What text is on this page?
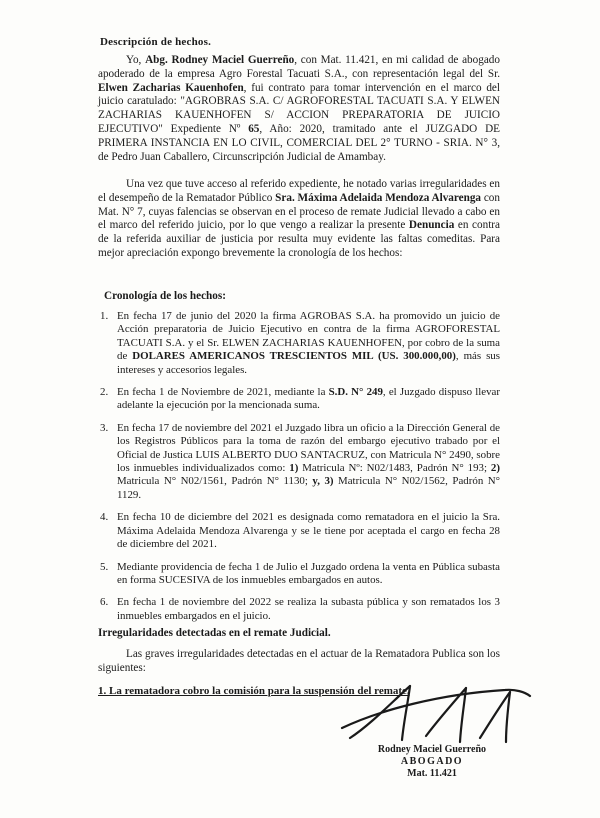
Descripción de hechos.

Yo, Abg. Rodney Maciel Guerreño, con Mat. 11.421, en mi calidad de abogado apoderado de la empresa Agro Forestal Tacuati S.A., con representación legal del Sr. Elwen Zacharias Kauenhofen, fui contrato para tomar intervención en el marco del juicio caratulado: "AGROBRAS S.A. C/ AGROFORESTAL TACUATI S.A. Y ELWEN ZACHARIAS KAUENHOFEN S/ ACCION PREPARATORIA DE JUICIO EJECUTIVO" Expediente Nº 65, Año: 2020, tramitado ante el JUZGADO DE PRIMERA INSTANCIA EN LO CIVIL, COMERCIAL DEL 2° TURNO - SRIA. N° 3, de Pedro Juan Caballero, Circunscripción Judicial de Amambay.

Una vez que tuve acceso al referido expediente, he notado varias irregularidades en el desempeño de la Rematador Público Sra. Máxima Adelaida Mendoza Alvarenga con Mat. N° 7, cuyas falencias se observan en el proceso de remate Judicial llevado a cabo en el marco del referido juicio, por lo que vengo a realizar la presente Denuncia en contra de la referida auxiliar de justicia por resulta muy evidente las faltas comeditas. Para mejor apreciación expongo brevemente la cronología de los hechos:

Cronología de los hechos:

1. En fecha 17 de junio del 2020 la firma AGROBAS S.A. ha promovido un juicio de Acción preparatoria de Juicio Ejecutivo en contra de la firma AGROFORESTAL TACUATI S.A. y el Sr. ELWEN ZACHARIAS KAUENHOFEN, por cobro de la suma de DOLARES AMERICANOS TRESCIENTOS MIL (US. 300.000,00), más sus intereses y accesorios legales.
2. En fecha 1 de Noviembre de 2021, mediante la S.D. N° 249, el Juzgado dispuso llevar adelante la ejecución por la mencionada suma.
3. En fecha 17 de noviembre del 2021 el Juzgado libra un oficio a la Dirección General de los Registros Públicos para la toma de razón del embargo ejecutivo trabado por el Oficial de Justica LUIS ALBERTO DUO SANTACRUZ, con Matricula N° 2490, sobre los inmuebles individualizados como: 1) Matricula Nº: N02/1483, Padrón N° 193; 2) Matricula N° N02/1561, Padrón N° 1130; y, 3) Matricula N° N02/1562, Padrón N° 1129.
4. En fecha 10 de diciembre del 2021 es designada como rematadora en el juicio la Sra. Máxima Adelaida Mendoza Alvarenga y se le tiene por aceptada el cargo en fecha 28 de diciembre del 2021.
5. Mediante providencia de fecha 1 de Julio el Juzgado ordena la venta en Pública subasta en forma SUCESIVA de los inmuebles embargados en autos.
6. En fecha 1 de noviembre del 2022 se realiza la subasta pública y son rematados los 3 inmuebles embargados en el juicio.

Irregularidades detectadas en el remate Judicial.

Las graves irregularidades detectadas en el actuar de la Rematadora Publica son los siguientes:

1. La rematadora cobro la comisión para la suspensión del remate.
Rodney Maciel Guerreño
ABOGADO
Mat. 11.421
